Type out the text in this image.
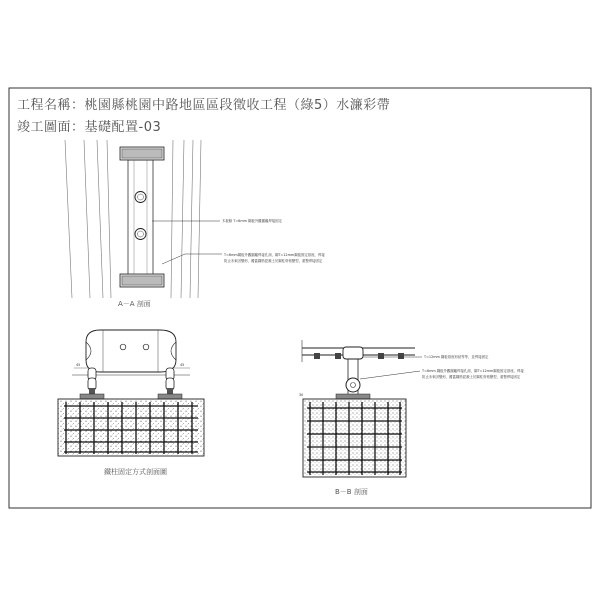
工程名稱：桃園縣桃園中路地區區段徵收工程（綠5）水濂彩帶
竣工圖面：基礎配置-03
木板條 T=6mm 鋼板外觀圍籬焊接固定
T=6mm鋼板外觀圍籬焊接孔洞，鋼T=12mm鋼板固定基座，焊接
防止未來因變形，覆蓋鋼筋混凝土於鋼柱骨格變型，重整焊接固定
A－A 剖面
45	45
鐵柱固定方式剖面圖
30
T=12mm 鋼板基座形狀等等，並焊接固定
T=6mm 鋼板外觀圍籬焊接孔洞，鋼T=12mm鋼板固定基座，焊接
防止未來因變形，覆蓋鋼筋混凝土於鋼柱骨格變型，重整焊接固定
B－B 剖面
